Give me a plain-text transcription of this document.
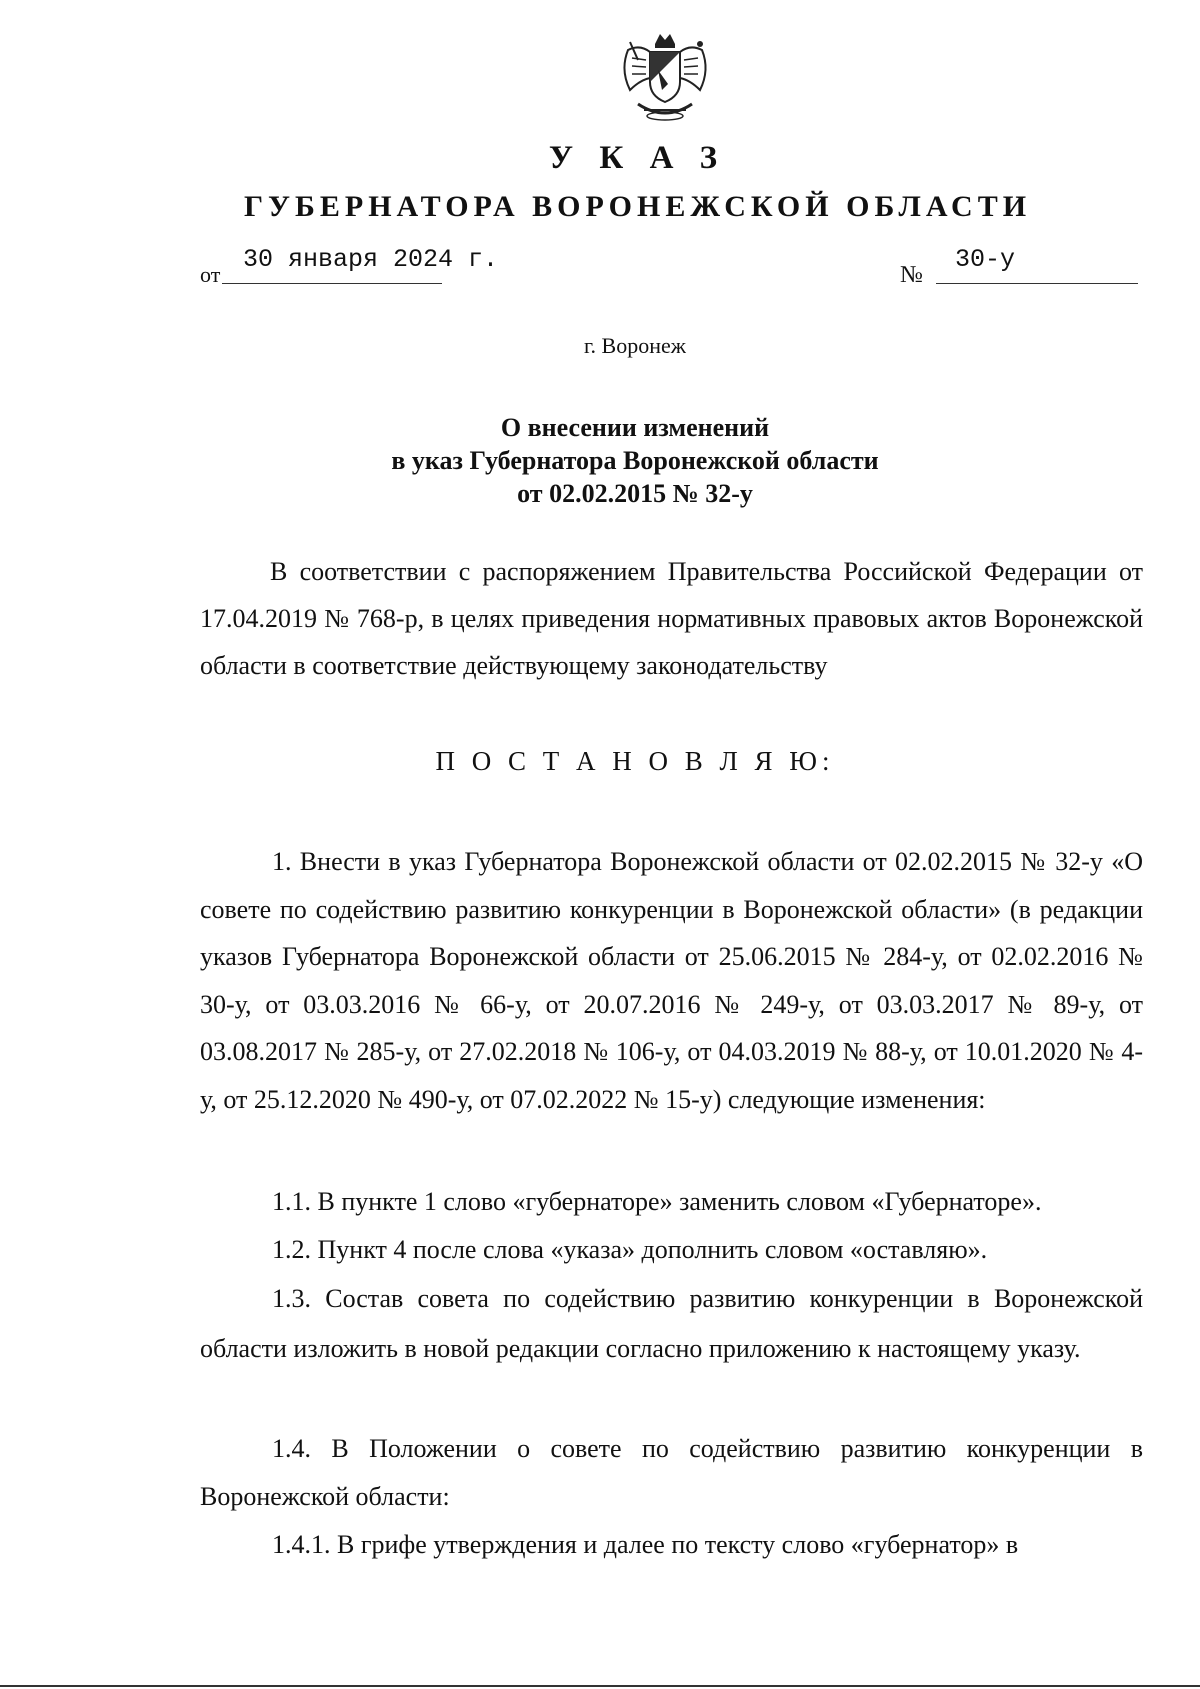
У К А З
ГУБЕРНАТОРА ВОРОНЕЖСКОЙ ОБЛАСТИ
от
30 января 2024 г.
№
30-у
г. Воронеж
О внесении изменений
в указ Губернатора Воронежской области
от 02.02.2015 № 32-у
В соответствии с распоряжением Правительства Российской Федерации от 17.04.2019 № 768-р, в целях приведения нормативных правовых актов Воронежской области в соответствие действующему законодательству
П О С Т А Н О В Л Я Ю:
1. Внести в указ Губернатора Воронежской области от 02.02.2015 № 32-у «О совете по содействию развитию конкуренции в Воронежской области» (в редакции указов Губернатора Воронежской области от 25.06.2015 № 284-у, от 02.02.2016 № 30-у, от 03.03.2016 № 66-у, от 20.07.2016 № 249-у, от 03.03.2017 № 89-у, от 03.08.2017 № 285-у, от 27.02.2018 № 106-у, от 04.03.2019 № 88-у, от 10.01.2020 № 4-у, от 25.12.2020 № 490-у, от 07.02.2022 № 15-у) следующие изменения:
1.1. В пункте 1 слово «губернаторе» заменить словом «Губернаторе».
1.2. Пункт 4 после слова «указа» дополнить словом «оставляю».
1.3. Состав совета по содействию развитию конкуренции в Воронежской области изложить в новой редакции согласно приложению к настоящему указу.
1.4. В Положении о совете по содействию развитию конкуренции в Воронежской области:
1.4.1. В грифе утверждения и далее по тексту слово «губернатор» в
